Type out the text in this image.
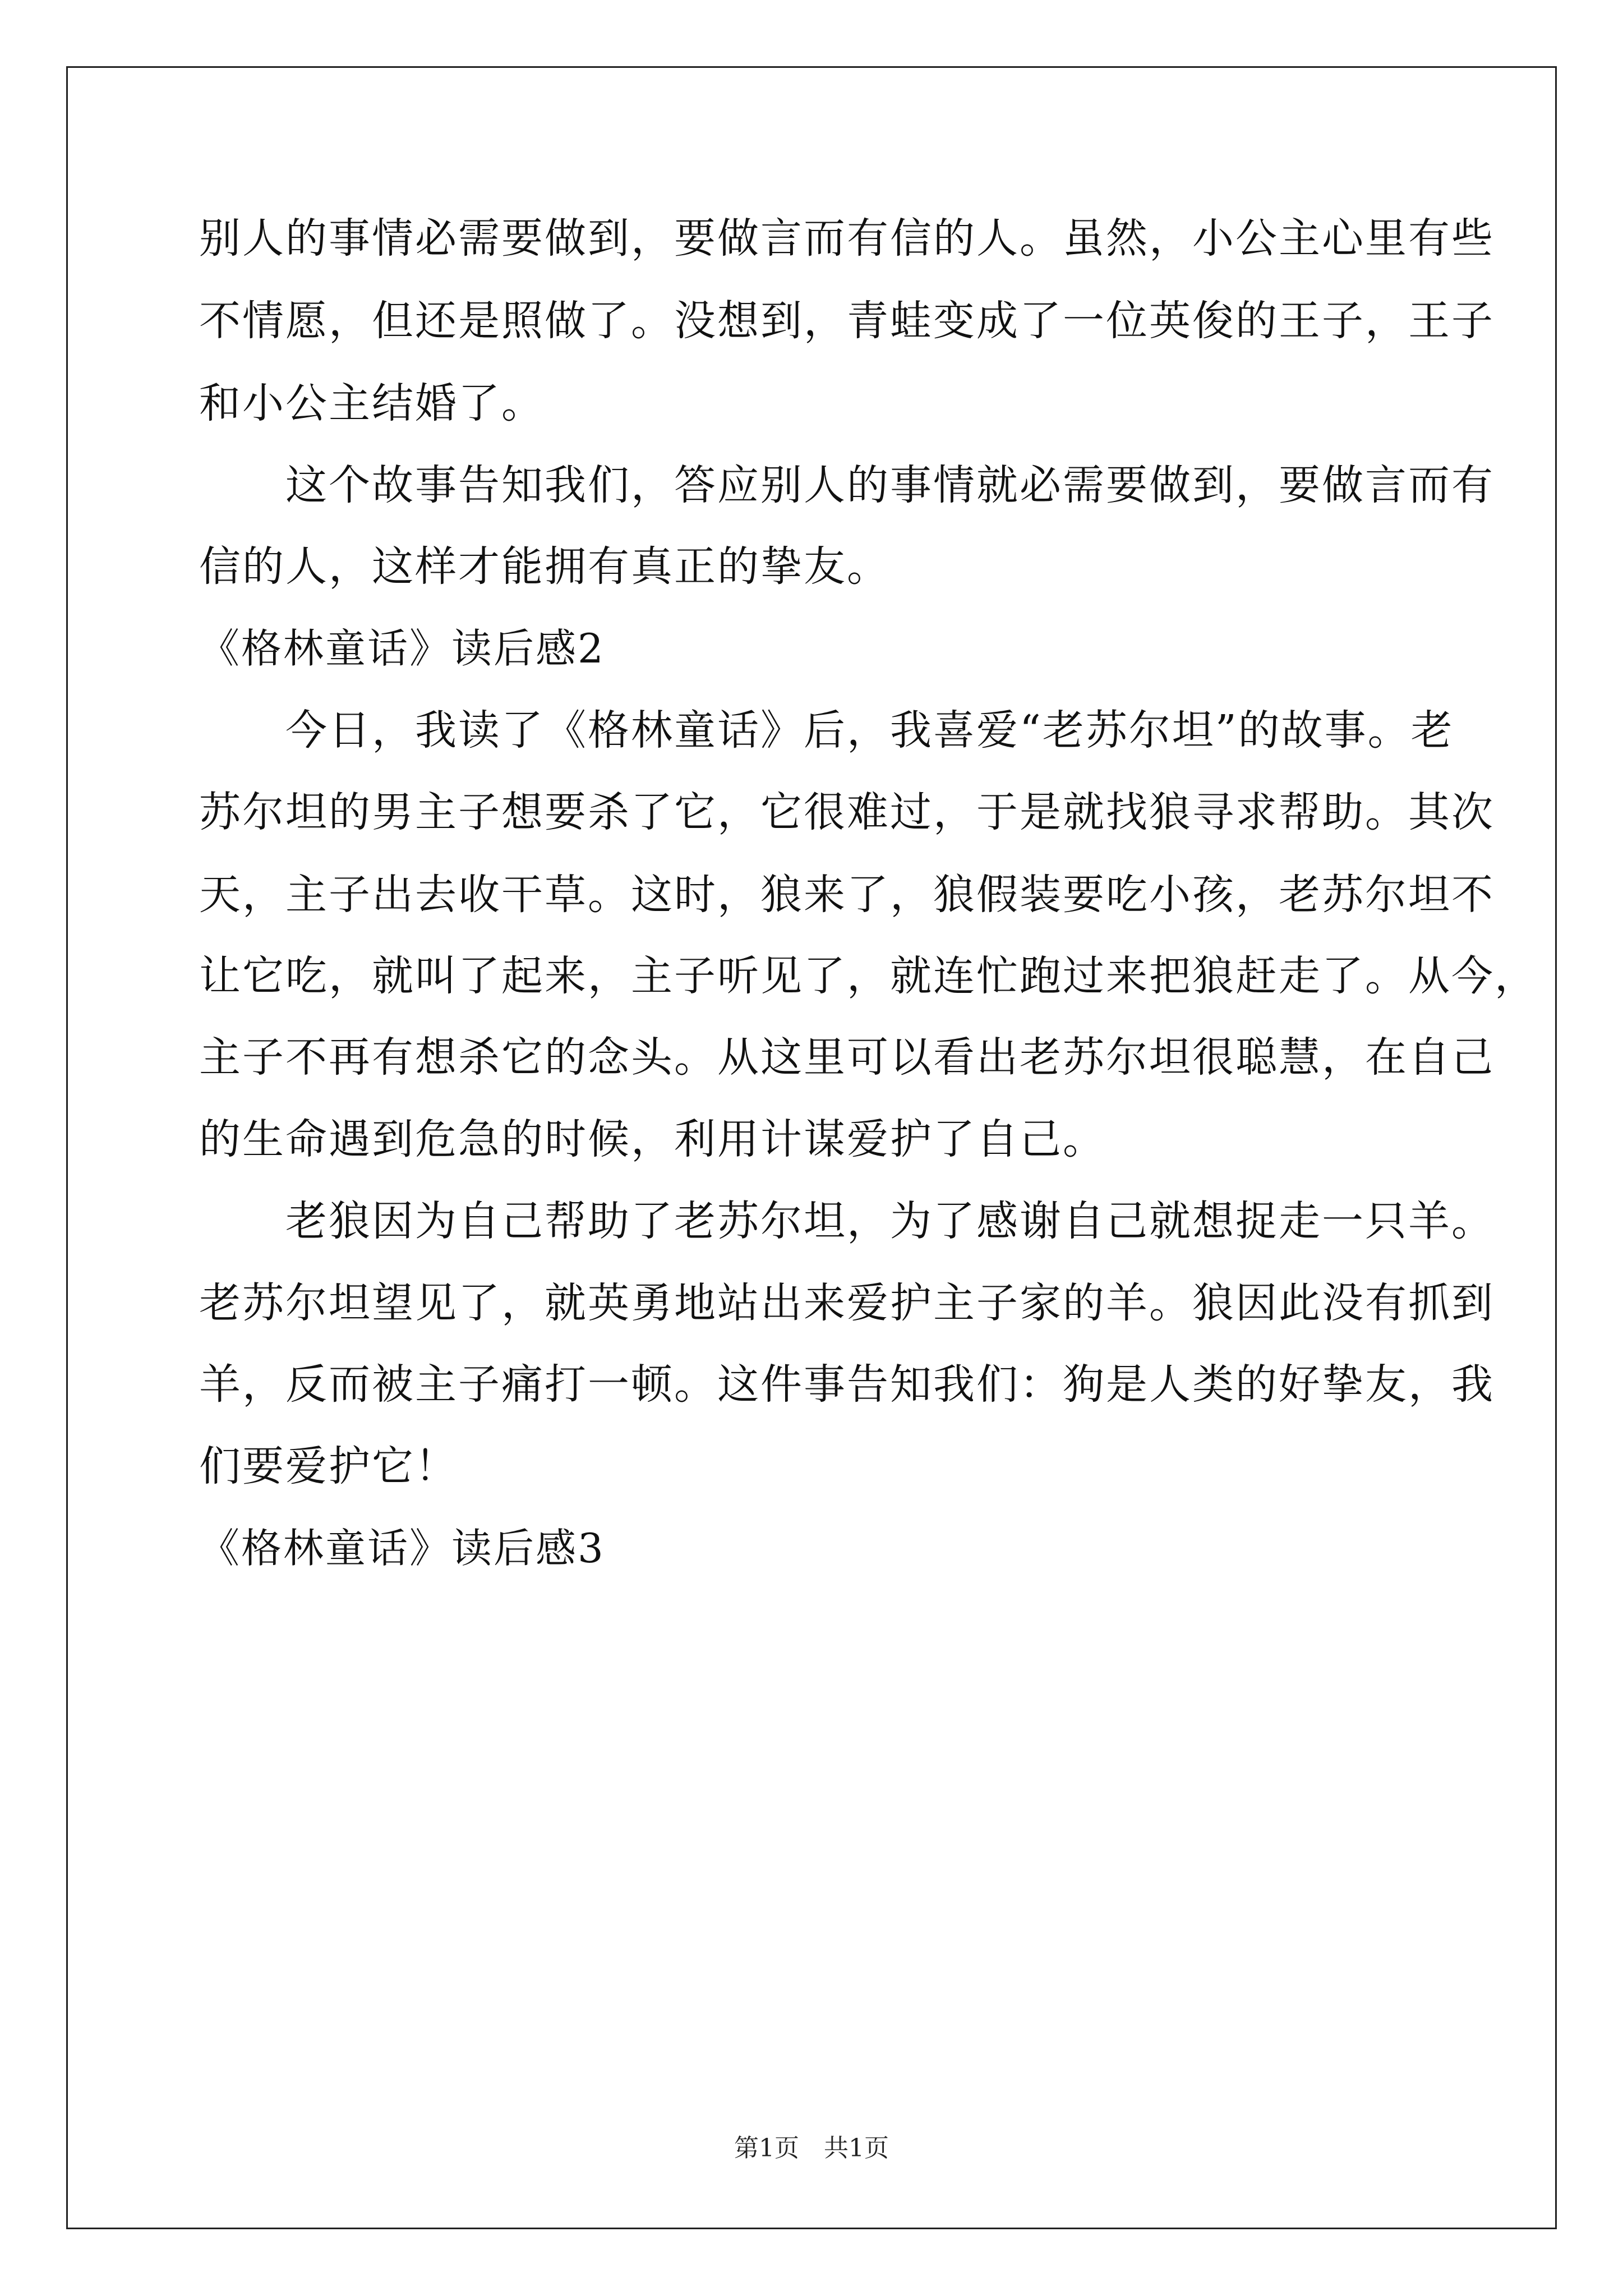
别人的事情必需要做到，要做言而有信的人。虽然，小公主心里有些
不情愿，但还是照做了。没想到，青蛙变成了一位英俊的王子，王子
和小公主结婚了。
　　这个故事告知我们，答应别人的事情就必需要做到，要做言而有
信的人，这样才能拥有真正的挚友。
《格林童话》读后感2
　　今日，我读了《格林童话》后，我喜爱“老苏尔坦”的故事。老
苏尔坦的男主子想要杀了它，它很难过，于是就找狼寻求帮助。其次
天，主子出去收干草。这时，狼来了，狼假装要吃小孩，老苏尔坦不
让它吃，就叫了起来，主子听见了，就连忙跑过来把狼赶走了。从今，
主子不再有想杀它的念头。从这里可以看出老苏尔坦很聪慧，在自己
的生命遇到危急的时候，利用计谋爱护了自己。
　　老狼因为自己帮助了老苏尔坦，为了感谢自己就想捉走一只羊。
老苏尔坦望见了，就英勇地站出来爱护主子家的羊。狼因此没有抓到
羊，反而被主子痛打一顿。这件事告知我们：狗是人类的好挚友，我
们要爱护它！
《格林童话》读后感3
第1页　共1页
